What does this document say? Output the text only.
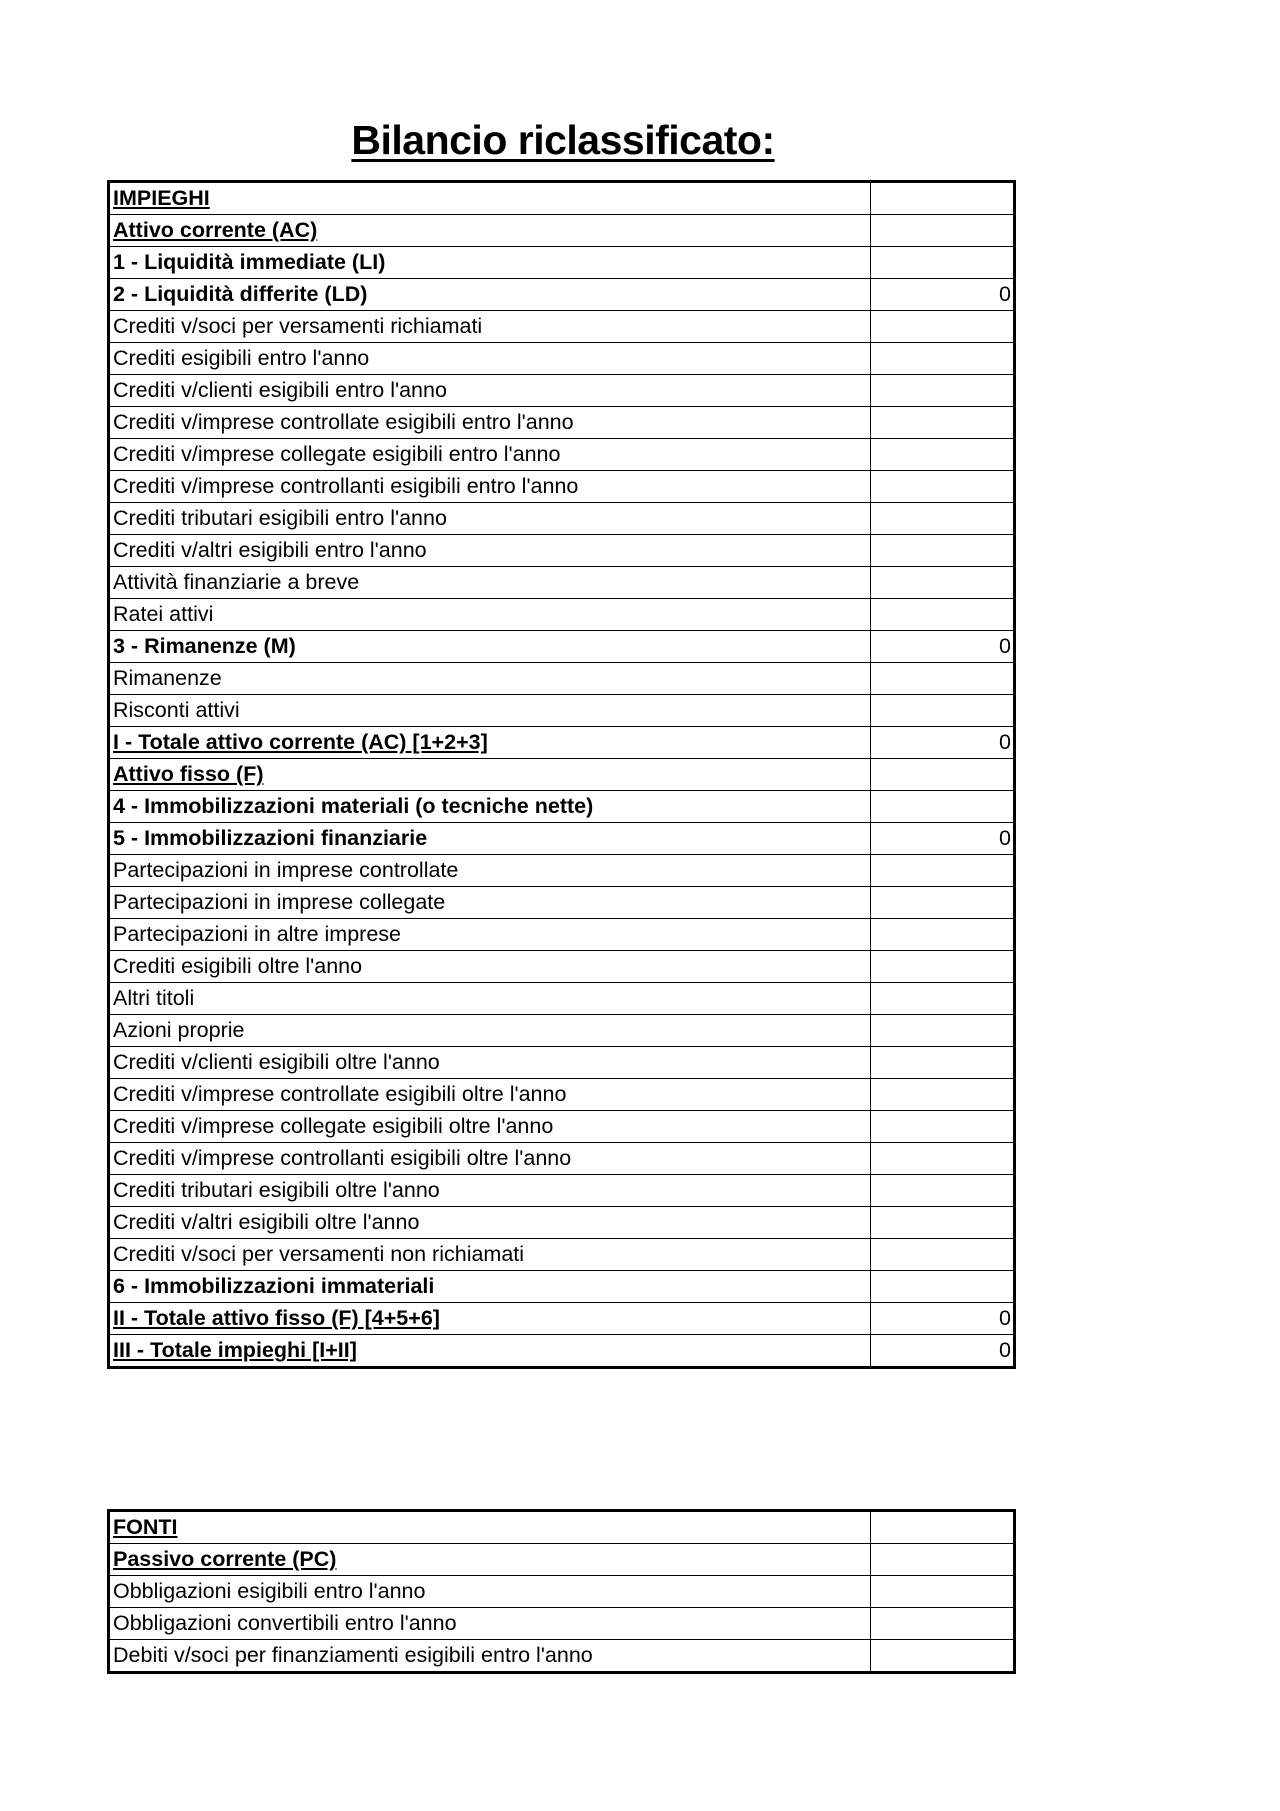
Bilancio riclassificato:
IMPIEGHI	
Attivo corrente (AC)	
1 - Liquidità immediate (LI)	
2 - Liquidità differite (LD)	0
Crediti v/soci per versamenti richiamati	
Crediti esigibili entro l'anno	
Crediti v/clienti esigibili entro l'anno	
Crediti v/imprese controllate esigibili entro l'anno	
Crediti v/imprese collegate esigibili entro l'anno	
Crediti v/imprese controllanti esigibili entro l'anno	
Crediti tributari esigibili entro l'anno	
Crediti v/altri esigibili entro l'anno	
Attività finanziarie a breve	
Ratei attivi	
3 - Rimanenze (M)	0
Rimanenze	
Risconti attivi	
I - Totale attivo corrente (AC) [1+2+3]	0
Attivo fisso (F)	
4 - Immobilizzazioni materiali (o tecniche nette)	
5 - Immobilizzazioni finanziarie	0
Partecipazioni in imprese controllate	
Partecipazioni in imprese collegate	
Partecipazioni in altre imprese	
Crediti esigibili oltre l'anno	
Altri titoli	
Azioni proprie	
Crediti v/clienti esigibili oltre l'anno	
Crediti v/imprese controllate esigibili oltre l'anno	
Crediti v/imprese collegate esigibili oltre l'anno	
Crediti v/imprese controllanti esigibili oltre l'anno	
Crediti tributari esigibili oltre l'anno	
Crediti v/altri esigibili oltre l'anno	
Crediti v/soci per versamenti non richiamati	
6 - Immobilizzazioni immateriali	
II - Totale attivo fisso (F) [4+5+6]	0
III - Totale impieghi [I+II]	0
FONTI	
Passivo corrente (PC)	
Obbligazioni esigibili entro l'anno	
Obbligazioni convertibili entro l'anno	
Debiti v/soci per finanziamenti esigibili entro l'anno	
